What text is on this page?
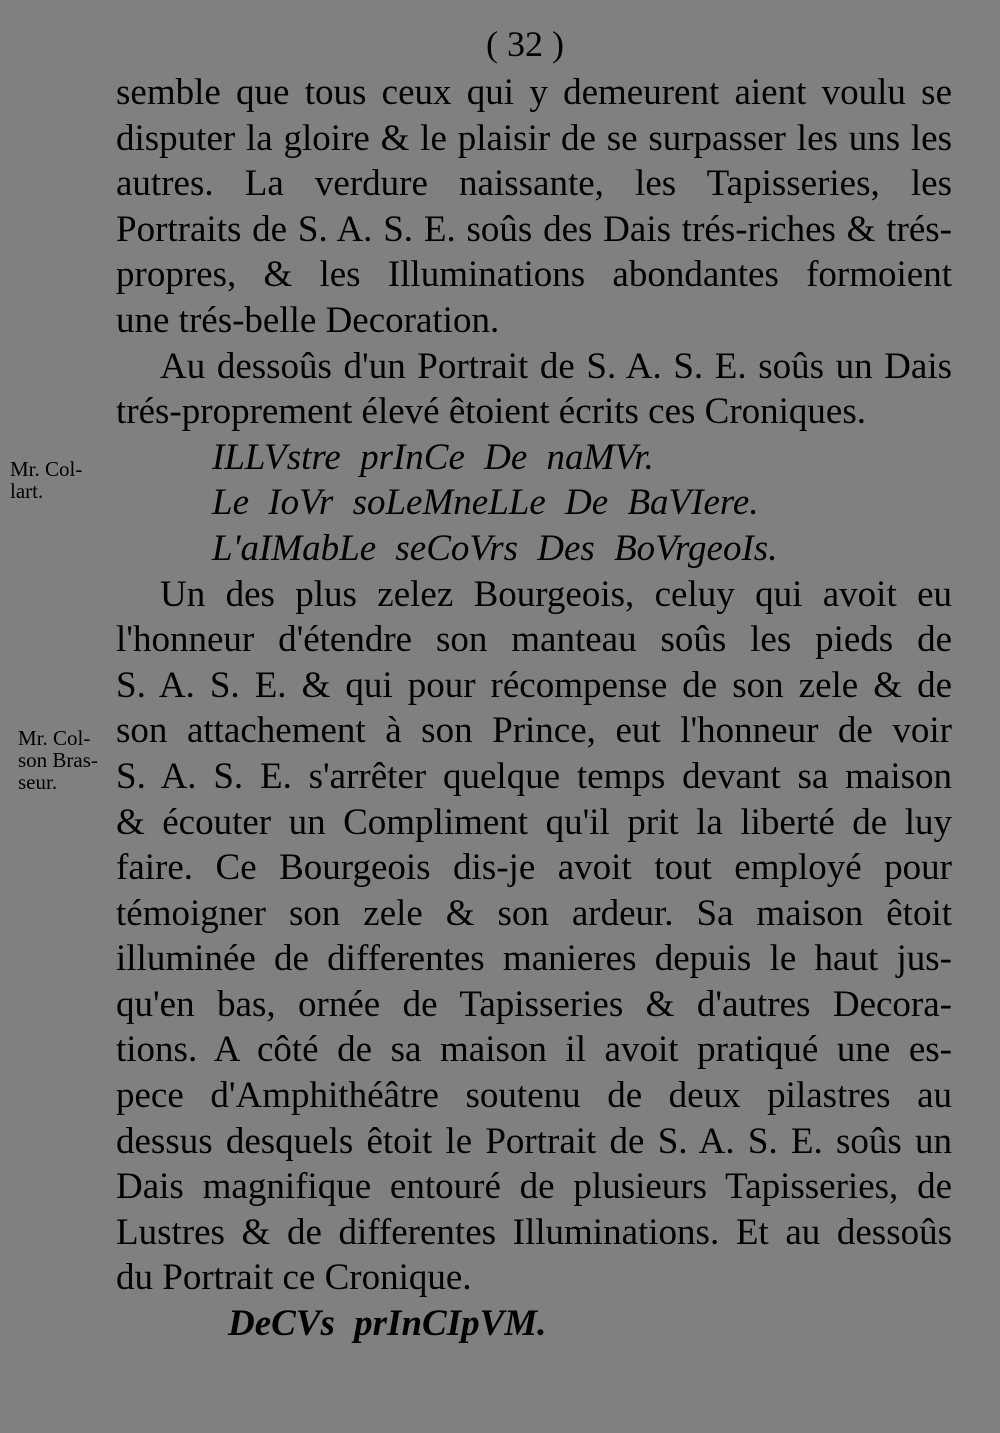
( 32 )
Mr. Col-
lart.
Mr. Col-
son Bras-
seur.
semble que tous ceux qui y demeurent aient voulu se
disputer la gloire & le plaisir de se surpasser les uns les
autres. La verdure naissante, les Tapisseries, les
Portraits de S. A. S. E. soûs des Dais trés-riches & trés-
propres, & les Illuminations abondantes formoient
une trés-belle Decoration.
Au dessoûs d'un Portrait de S. A. S. E. soûs un Dais
trés-proprement élevé êtoient écrits ces Croniques.
ILLVstre prInCe De naMVr.
Le IoVr soLeMneLLe De BaVIere.
L'aIMabLe seCoVrs Des BoVrgeoIs.
Un des plus zelez Bourgeois, celuy qui avoit eu
l'honneur d'étendre son manteau soûs les pieds de
S. A. S. E. & qui pour récompense de son zele & de
son attachement à son Prince, eut l'honneur de voir
S. A. S. E. s'arrêter quelque temps devant sa maison
& écouter un Compliment qu'il prit la liberté de luy
faire. Ce Bourgeois dis-je avoit tout employé pour
témoigner son zele & son ardeur. Sa maison êtoit
illuminée de differentes manieres depuis le haut jus-
qu'en bas, ornée de Tapisseries & d'autres Decora-
tions. A côté de sa maison il avoit pratiqué une es-
pece d'Amphithéâtre soutenu de deux pilastres au
dessus desquels êtoit le Portrait de S. A. S. E. soûs un
Dais magnifique entouré de plusieurs Tapisseries, de
Lustres & de differentes Illuminations. Et au dessoûs
du Portrait ce Cronique.
DeCVs prInCIpVM.
